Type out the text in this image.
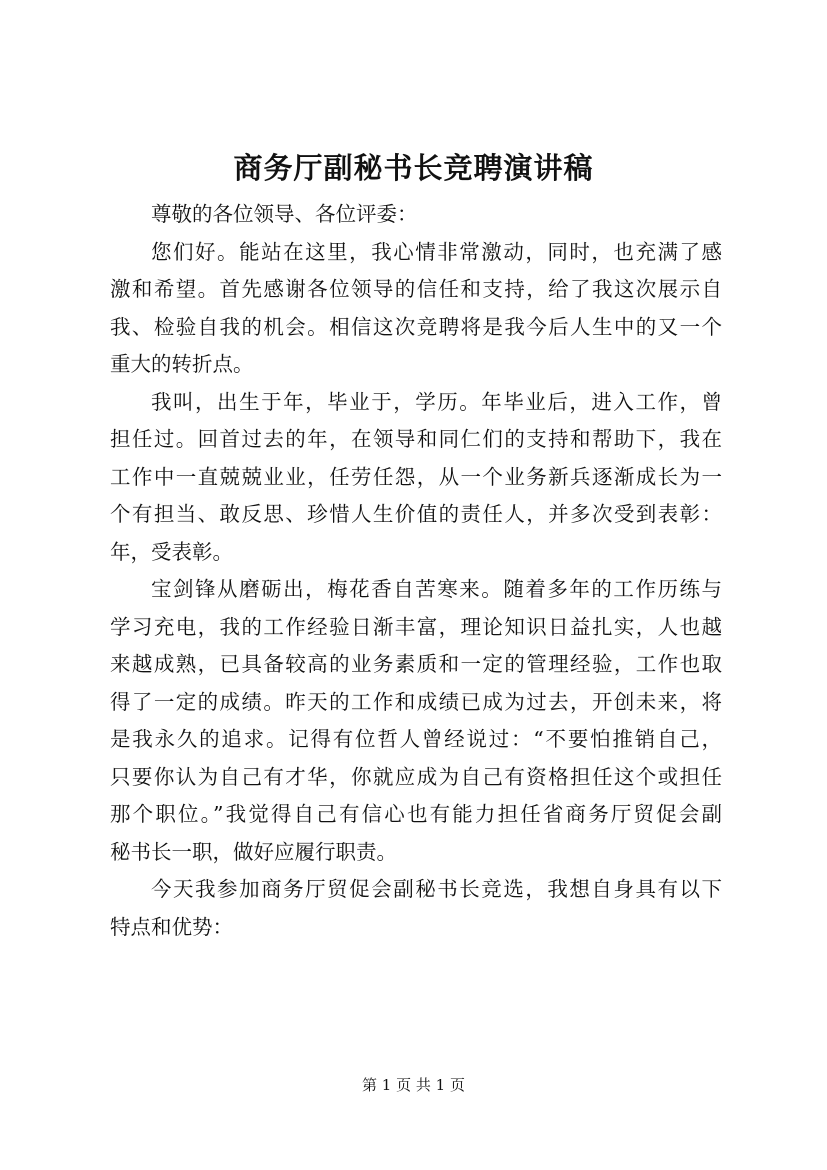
商务厅副秘书长竞聘演讲稿
尊敬的各位领导、各位评委：
您们好。能站在这里，我心情非常激动，同时，也充满了感
激和希望。首先感谢各位领导的信任和支持，给了我这次展示自
我、检验自我的机会。相信这次竞聘将是我今后人生中的又一个
重大的转折点。
我叫，出生于年，毕业于，学历。年毕业后，进入工作，曾
担任过。回首过去的年，在领导和同仁们的支持和帮助下，我在
工作中一直兢兢业业，任劳任怨，从一个业务新兵逐渐成长为一
个有担当、敢反思、珍惜人生价值的责任人，并多次受到表彰：
年，受表彰。
宝剑锋从磨砺出，梅花香自苦寒来。随着多年的工作历练与
学习充电，我的工作经验日渐丰富，理论知识日益扎实，人也越
来越成熟，已具备较高的业务素质和一定的管理经验，工作也取
得了一定的成绩。昨天的工作和成绩已成为过去，开创未来，将
是我永久的追求。记得有位哲人曾经说过：“不要怕推销自己，
只要你认为自己有才华，你就应成为自己有资格担任这个或担任
那个职位。”我觉得自己有信心也有能力担任省商务厅贸促会副
秘书长一职，做好应履行职责。
今天我参加商务厅贸促会副秘书长竞选，我想自身具有以下
特点和优势：
第 1 页 共 1 页
